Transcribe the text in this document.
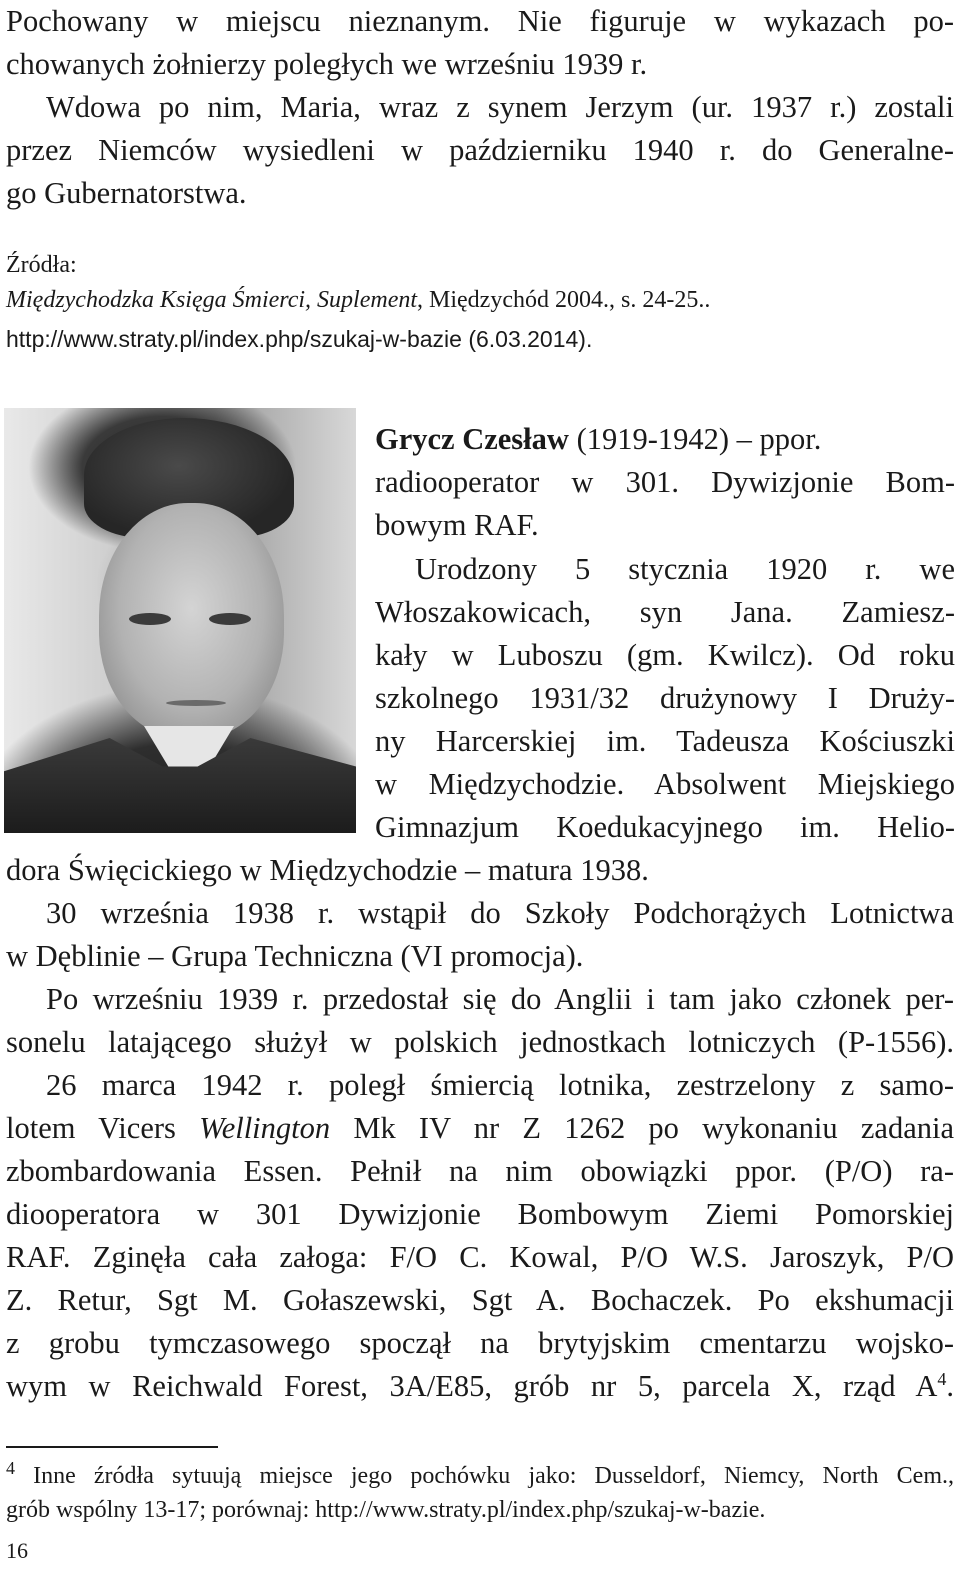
Pochowany w miejscu nieznanym. Nie figuruje w wykazach po-
chowanych żołnierzy poległych we wrześniu 1939 r.
Wdowa po nim, Maria, wraz z synem Jerzym (ur. 1937 r.) zostali
przez Niemców wysiedleni w październiku 1940 r. do Generalne-
go Gubernatorstwa.
Źródła:
Międzychodzka Księga Śmierci, Suplement, Międzychód 2004., s. 24-25..
http://www.straty.pl/index.php/szukaj-w-bazie (6.03.2014).
Grycz Czesław (1919-1942) – ppor.
radiooperator w 301. Dywizjonie Bom-
bowym RAF.
Urodzony 5 stycznia 1920 r. we
Włoszakowicach, syn Jana. Zamiesz-
kały w Luboszu (gm. Kwilcz). Od roku
szkolnego 1931/32 drużynowy I Druży-
ny Harcerskiej im. Tadeusza Kościuszki
w Międzychodzie. Absolwent Miejskiego
Gimnazjum Koedukacyjnego im. Helio-
dora Święcickiego w Międzychodzie – matura 1938.
30 września 1938 r. wstąpił do Szkoły Podchorążych Lotnictwa
w Dęblinie – Grupa Techniczna (VI promocja).
Po wrześniu 1939 r. przedostał się do Anglii i tam jako członek per-
sonelu latającego służył w polskich jednostkach lotniczych (P-1556).
26 marca 1942 r. poległ śmiercią lotnika, zestrzelony z samo-
lotem Vicers Wellington Mk IV nr Z 1262 po wykonaniu zadania
zbombardowania Essen. Pełnił na nim obowiązki ppor. (P/O) ra-
diooperatora w 301 Dywizjonie Bombowym Ziemi Pomorskiej
RAF. Zginęła cała załoga: F/O C. Kowal, P/O W.S. Jaroszyk, P/O
Z. Retur, Sgt M. Gołaszewski, Sgt A. Bochaczek. Po ekshumacji
z grobu tymczasowego spoczął na brytyjskim cmentarzu wojsko-
wym w Reichwald Forest, 3A/E85, grób nr 5, parcela X, rząd $A^4$.
$^4$ Inne źródła sytuują miejsce jego pochówku jako: Dusseldorf, Niemcy, North Cem.,
grób wspólny 13-17; porównaj: http://www.straty.pl/index.php/szukaj-w-bazie.
16
